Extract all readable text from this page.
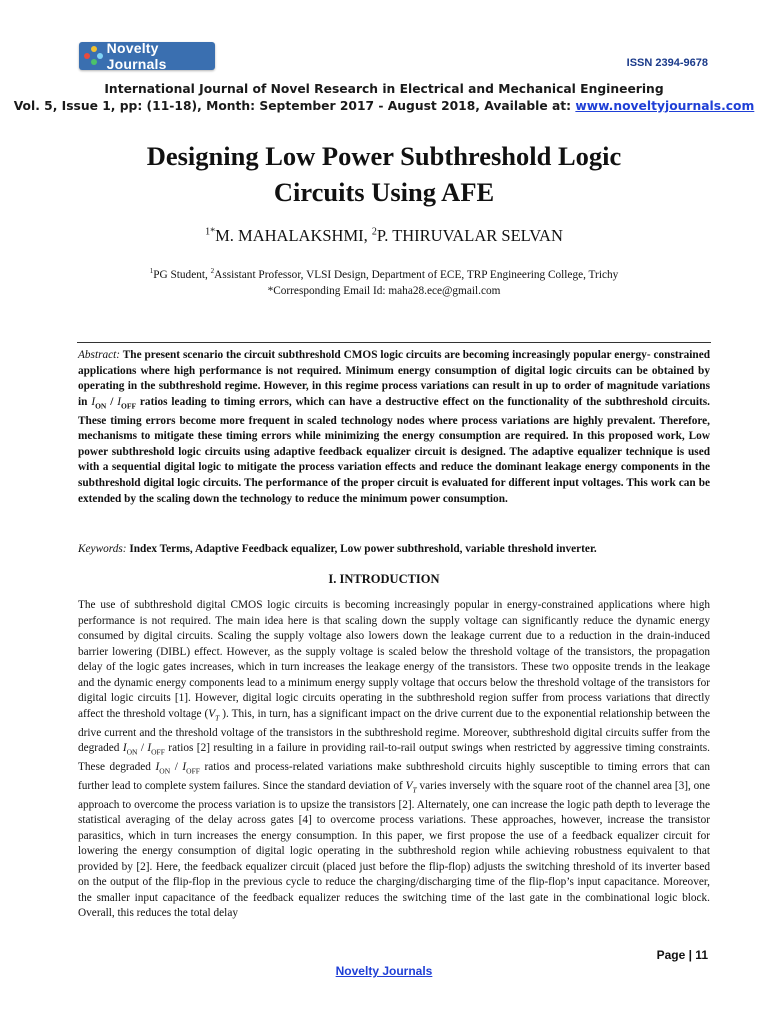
Novelty Journals	ISSN 2394-9678
International Journal of Novel Research in Electrical and Mechanical Engineering
Vol. 5, Issue 1, pp: (11-18), Month: September 2017 - August 2018, Available at: www.noveltyjournals.com
Designing Low Power Subthreshold Logic
Circuits Using AFE
$^{1*}$M. MAHALAKSHMI, $^2$P. THIRUVALAR SELVAN
$^1$PG Student, $^2$Assistant Professor, VLSI Design, Department of ECE, TRP Engineering College, Trichy
*Corresponding Email Id: maha28.ece@gmail.com
Abstract: The present scenario the circuit subthreshold CMOS logic circuits are becoming increasingly popular energy- constrained applications where high performance is not required. Minimum energy consumption of digital logic circuits can be obtained by operating in the subthreshold regime. However, in this regime process variations can result in up to order of magnitude variations in $I_{ON} / I_{OFF}$ ratios leading to timing errors, which can have a destructive effect on the functionality of the subthreshold circuits. These timing errors become more frequent in scaled technology nodes where process variations are highly prevalent. Therefore, mechanisms to mitigate these timing errors while minimizing the energy consumption are required. In this proposed work, Low power subthreshold logic circuits using adaptive feedback equalizer circuit is designed. The adaptive equalizer technique is used with a sequential digital logic to mitigate the process variation effects and reduce the dominant leakage energy components in the subthreshold digital logic circuits. The performance of the proper circuit is evaluated for different input voltages. This work can be extended by the scaling down the technology to reduce the minimum power consumption.
Keywords: Index Terms, Adaptive Feedback equalizer, Low power subthreshold, variable threshold inverter.
I. INTRODUCTION

The use of subthreshold digital CMOS logic circuits is becoming increasingly popular in energy-constrained applications where high performance is not required. The main idea here is that scaling down the supply voltage can significantly reduce the dynamic energy consumed by digital circuits. Scaling the supply voltage also lowers down the leakage current due to a reduction in the drain-induced barrier lowering (DIBL) effect. However, as the supply voltage is scaled below the threshold voltage of the transistors, the propagation delay of the logic gates increases, which in turn increases the leakage energy of the transistors. These two opposite trends in the leakage and the dynamic energy components lead to a minimum energy supply voltage that occurs below the threshold voltage of the transistors for digital logic circuits [1]. However, digital logic circuits operating in the subthreshold region suffer from process variations that directly affect the threshold voltage ($V_T$ ). This, in turn, has a significant impact on the drive current due to the exponential relationship between the drive current and the threshold voltage of the transistors in the subthreshold regime. Moreover, subthreshold digital circuits suffer from the degraded $I_{ON} / I_{OFF}$ ratios [2] resulting in a failure in providing rail-to-rail output swings when restricted by aggressive timing constraints. These degraded $I_{ON} / I_{OFF}$ ratios and process-related variations make subthreshold circuits highly susceptible to timing errors that can further lead to complete system failures. Since the standard deviation of $V_T$ varies inversely with the square root of the channel area [3], one approach to overcome the process variation is to upsize the transistors [2]. Alternately, one can increase the logic path depth to leverage the statistical averaging of the delay across gates [4] to overcome process variations. These approaches, however, increase the transistor parasitics, which in turn increases the energy consumption. In this paper, we first propose the use of a feedback equalizer circuit for lowering the energy consumption of digital logic operating in the subthreshold region while achieving robustness equivalent to that provided by [2]. Here, the feedback equalizer circuit (placed just before the flip-flop) adjusts the switching threshold of its inverter based on the output of the flip-flop in the previous cycle to reduce the charging/discharging time of the flip-flop’s input capacitance. Moreover, the smaller input capacitance of the feedback equalizer reduces the switching time of the last gate in the combinational logic block. Overall, this reduces the total delay

Page | 11
Novelty Journals
